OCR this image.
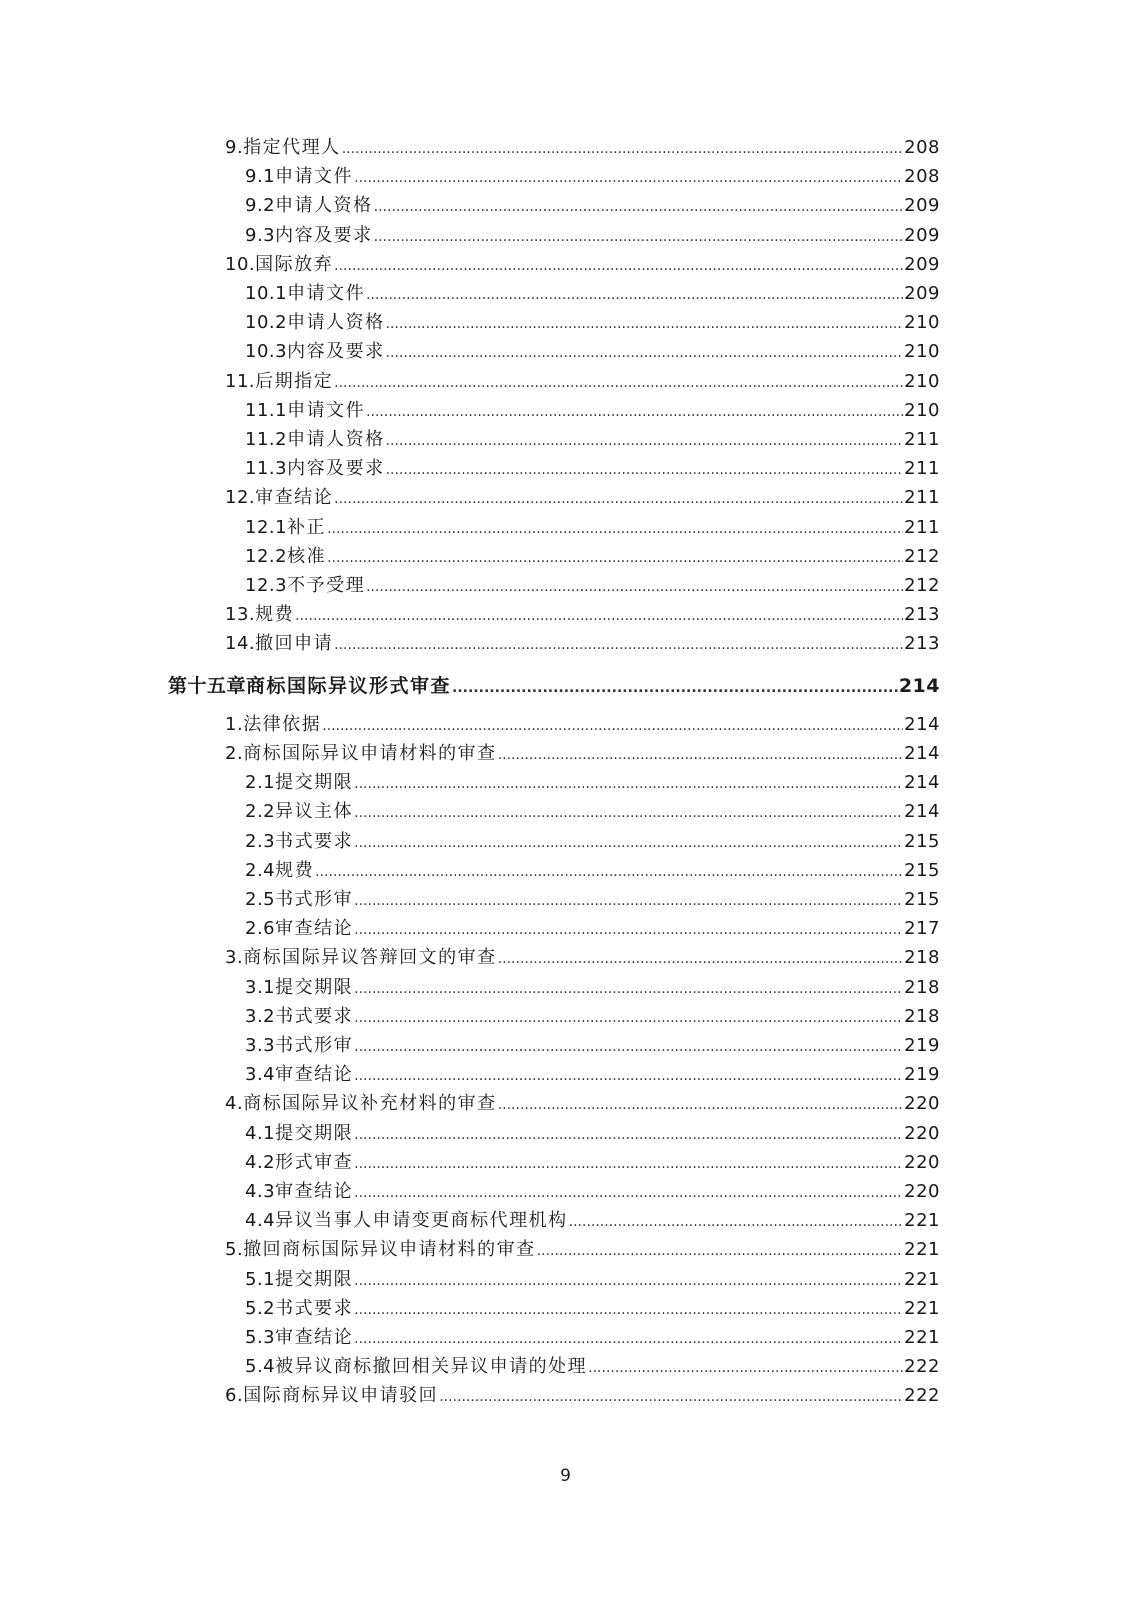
9. 指定代理人 .....	208
9.1 申请文件 .....	208
9.2 申请人资格 .....	209
9.3 内容及要求 .....	209
10. 国际放弃 .....	209
10.1 申请文件 .....	209
10.2 申请人资格 .....	210
10.3 内容及要求 .....	210
11. 后期指定 .....	210
11.1 申请文件 .....	210
11.2 申请人资格 .....	211
11.3 内容及要求 .....	211
12. 审查结论 .....	211
12.1 补正 .....	211
12.2 核准 .....	212
12.3 不予受理 .....	212
13. 规费 .....	213
14. 撤回申请 .....	213
第十五章 商标国际异议形式审查 .....	214
1. 法律依据 .....	214
2. 商标国际异议申请材料的审查 .....	214
2.1 提交期限 .....	214
2.2 异议主体 .....	214
2.3 书式要求 .....	215
2.4 规费 .....	215
2.5 书式形审 .....	215
2.6 审查结论 .....	217
3. 商标国际异议答辩回文的审查 .....	218
3.1 提交期限 .....	218
3.2 书式要求 .....	218
3.3 书式形审 .....	219
3.4 审查结论 .....	219
4. 商标国际异议补充材料的审查 .....	220
4.1 提交期限 .....	220
4.2 形式审查 .....	220
4.3 审查结论 .....	220
4.4 异议当事人申请变更商标代理机构 .....	221
5. 撤回商标国际异议申请材料的审查 .....	221
5.1 提交期限 .....	221
5.2 书式要求 .....	221
5.3 审查结论 .....	221
5.4 被异议商标撤回相关异议申请的处理 .....	222
6. 国际商标异议申请驳回 .....	222
9
